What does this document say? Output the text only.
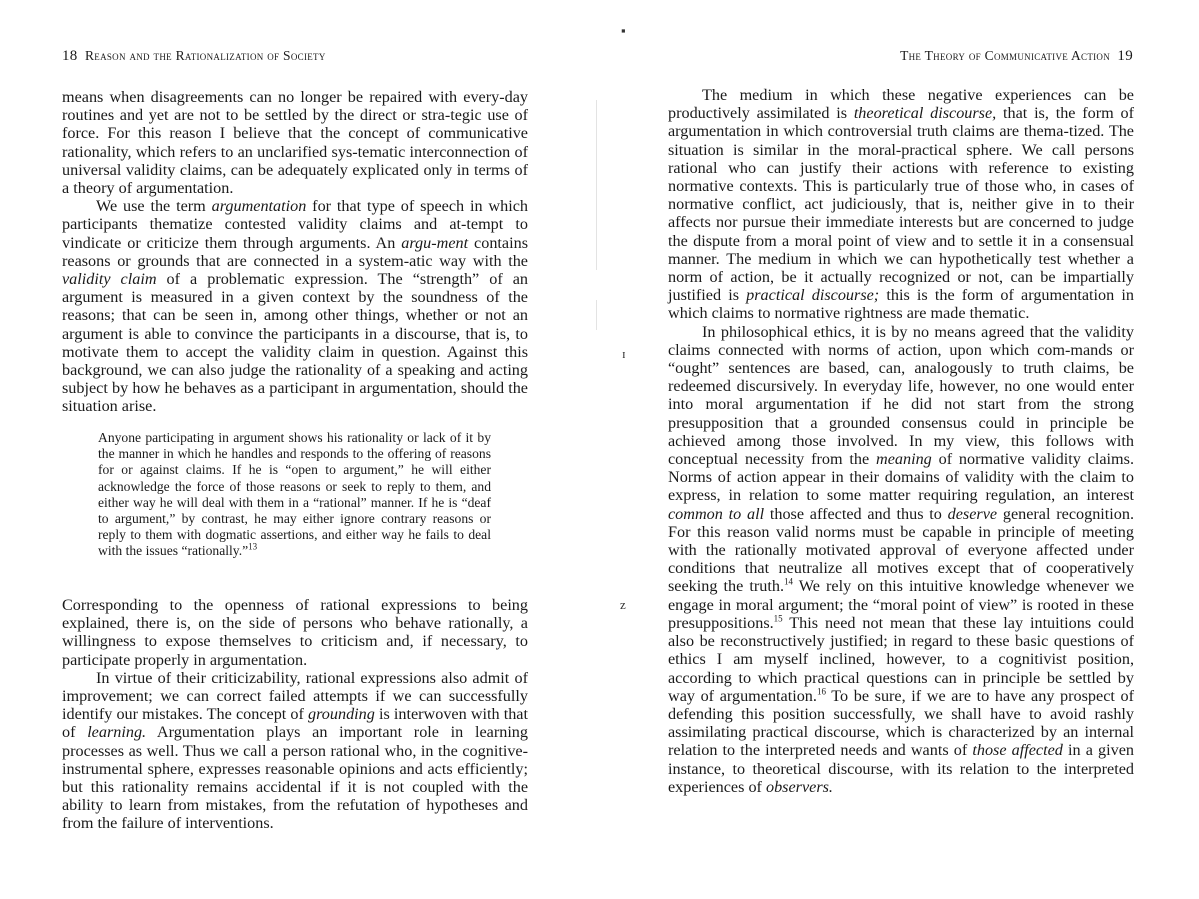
▪
ɪ
ᴢ
18 Reason and the Rationalization of Society

means when disagreements can no longer be repaired with every-day routines and yet are not to be settled by the direct or stra-tegic use of force. For this reason I believe that the concept of communicative rationality, which refers to an unclarified sys-tematic interconnection of universal validity claims, can be adequately explicated only in terms of a theory of argumentation.

We use the term argumentation for that type of speech in which participants thematize contested validity claims and at-tempt to vindicate or criticize them through arguments. An argu-ment contains reasons or grounds that are connected in a system-atic way with the validity claim of a problematic expression. The “strength” of an argument is measured in a given context by the soundness of the reasons; that can be seen in, among other things, whether or not an argument is able to convince the participants in a discourse, that is, to motivate them to accept the validity claim in question. Against this background, we can also judge the rationality of a speaking and acting subject by how he behaves as a participant in argumentation, should the situation arise.

Anyone participating in argument shows his rationality or lack of it by the manner in which he handles and responds to the offering of reasons for or against claims. If he is “open to argument,” he will either acknowledge the force of those reasons or seek to reply to them, and either way he will deal with them in a “rational” manner. If he is “deaf to argument,” by contrast, he may either ignore contrary reasons or reply to them with dogmatic assertions, and either way he fails to deal with the issues “rationally.”$^{13}$

Corresponding to the openness of rational expressions to being explained, there is, on the side of persons who behave rationally, a willingness to expose themselves to criticism and, if necessary, to participate properly in argumentation.

In virtue of their criticizability, rational expressions also admit of improvement; we can correct failed attempts if we can successfully identify our mistakes. The concept of grounding is interwoven with that of learning. Argumentation plays an important role in learning processes as well. Thus we call a person rational who, in the cognitive-instrumental sphere, expresses reasonable opinions and acts efficiently; but this rationality remains accidental if it is not coupled with the ability to learn from mistakes, from the refutation of hypotheses and from the failure of interventions.

The Theory of Communicative Action 19

The medium in which these negative experiences can be productively assimilated is theoretical discourse, that is, the form of argumentation in which controversial truth claims are thema-tized. The situation is similar in the moral-practical sphere. We call persons rational who can justify their actions with reference to existing normative contexts. This is particularly true of those who, in cases of normative conflict, act judiciously, that is, neither give in to their affects nor pursue their immediate interests but are concerned to judge the dispute from a moral point of view and to settle it in a consensual manner. The medium in which we can hypothetically test whether a norm of action, be it actually recognized or not, can be impartially justified is practical discourse; this is the form of argumentation in which claims to normative rightness are made thematic.

In philosophical ethics, it is by no means agreed that the validity claims connected with norms of action, upon which com-mands or “ought” sentences are based, can, analogously to truth claims, be redeemed discursively. In everyday life, however, no one would enter into moral argumentation if he did not start from the strong presupposition that a grounded consensus could in principle be achieved among those involved. In my view, this follows with conceptual necessity from the meaning of normative validity claims. Norms of action appear in their domains of validity with the claim to express, in relation to some matter requiring regulation, an interest common to all those affected and thus to deserve general recognition. For this reason valid norms must be capable in principle of meeting with the rationally motivated approval of everyone affected under conditions that neutralize all motives except that of cooperatively seeking the truth.$^{14}$ We rely on this intuitive knowledge whenever we engage in moral argument; the “moral point of view” is rooted in these presuppositions.$^{15}$ This need not mean that these lay intuitions could also be reconstructively justified; in regard to these basic questions of ethics I am myself inclined, however, to a cognitivist position, according to which practical questions can in principle be settled by way of argumentation.$^{16}$ To be sure, if we are to have any prospect of defending this position successfully, we shall have to avoid rashly assimilating practical discourse, which is characterized by an internal relation to the interpreted needs and wants of those affected in a given instance, to theoretical discourse, with its relation to the interpreted experiences of observers.
